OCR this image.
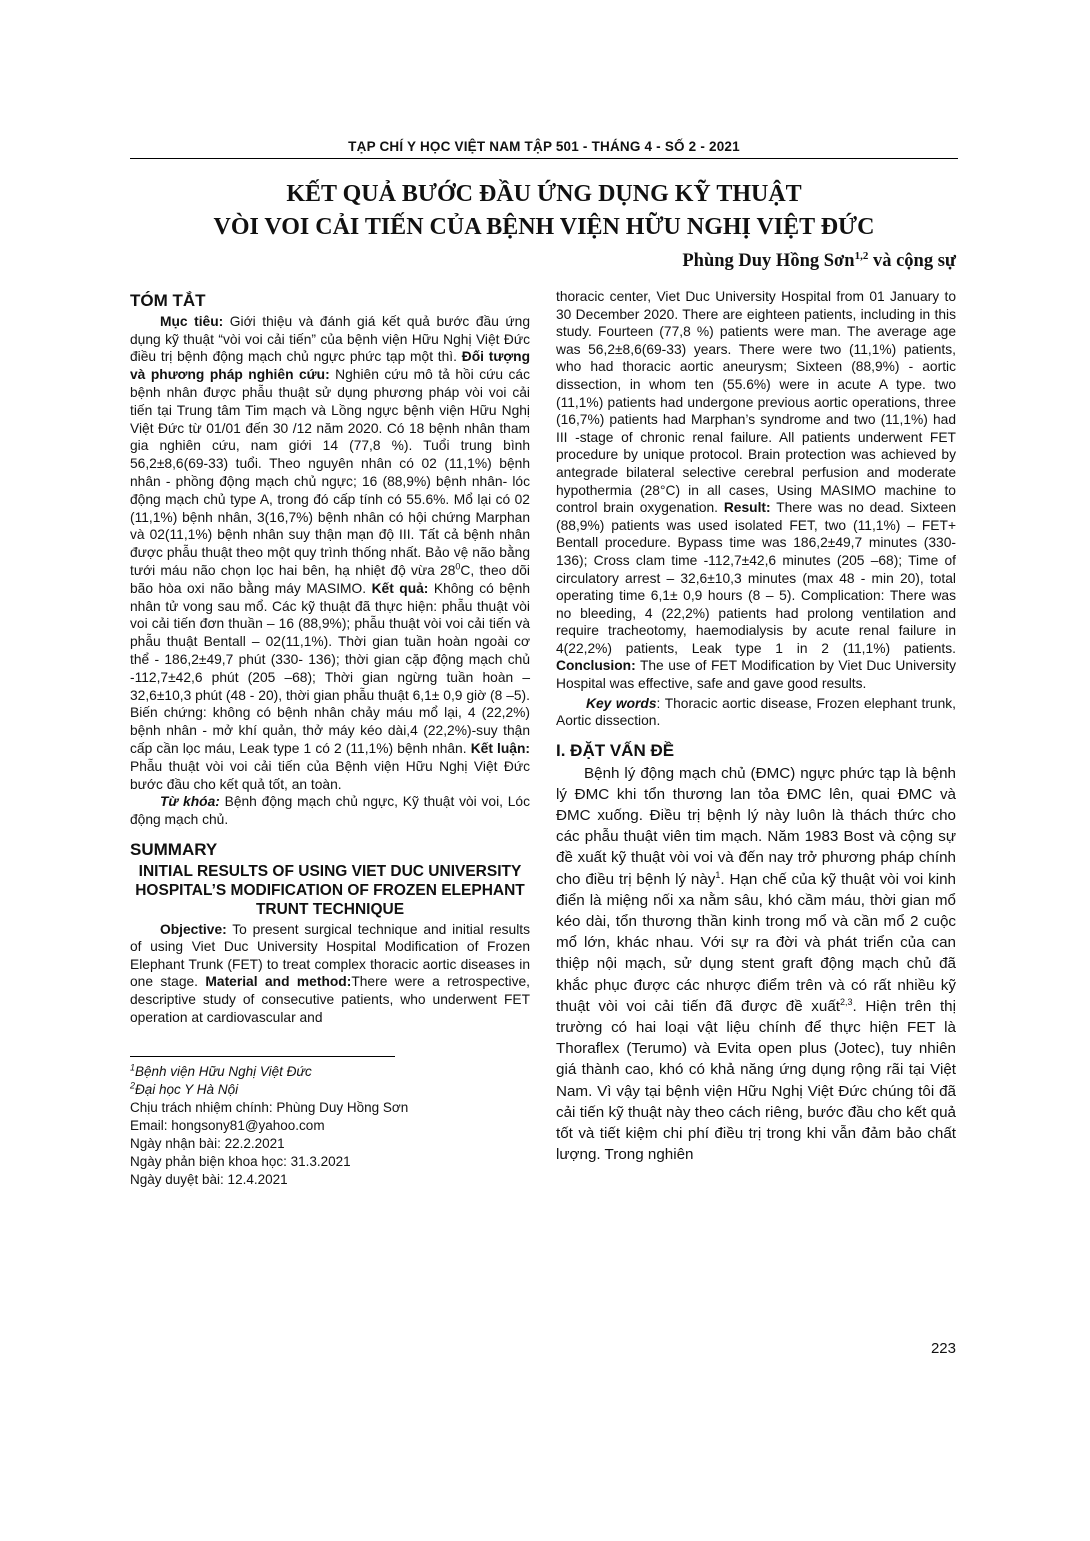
TẠP CHÍ Y HỌC VIỆT NAM TẬP 501 - THÁNG 4 - SỐ 2 - 2021
KẾT QUẢ BƯỚC ĐẦU ỨNG DỤNG KỸ THUẬT
VÒI VOI CẢI TIẾN CỦA BỆNH VIỆN HỮU NGHỊ VIỆT ĐỨC
Phùng Duy Hồng Sơn$^{1,2}$ và cộng sự
TÓM TẮT

Mục tiêu: Giới thiệu và đánh giá kết quả bước đầu ứng dụng kỹ thuật “vòi voi cải tiến” của bệnh viện Hữu Nghị Việt Đức điều trị bệnh động mạch chủ ngực phức tạp một thì. Đối tượng và phương pháp nghiên cứu: Nghiên cứu mô tả hồi cứu các bệnh nhân được phẫu thuật sử dụng phương pháp vòi voi cải tiến tại Trung tâm Tim mạch và Lồng ngực bệnh viện Hữu Nghị Việt Đức từ 01/01 đến 30 /12 năm 2020. Có 18 bệnh nhân tham gia nghiên cứu, nam giới 14 (77,8 %). Tuổi trung bình 56,2±8,6(69-33) tuổi. Theo nguyên nhân có 02 (11,1%) bệnh nhân - phồng động mạch chủ ngực; 16 (88,9%) bệnh nhân- lóc động mạch chủ type A, trong đó cấp tính có 55.6%. Mổ lại có 02 (11,1%) bệnh nhân, 3(16,7%) bệnh nhân có hội chứng Marphan và 02(11,1%) bệnh nhân suy thận mạn độ III. Tất cả bệnh nhân được phẫu thuật theo một quy trình thống nhất. Bảo vệ não bằng tưới máu não chọn lọc hai bên, hạ nhiệt độ vừa $28^0C$, theo dõi bão hòa oxi não bằng máy MASIMO. Kết quả: Không có bệnh nhân tử vong sau mổ. Các kỹ thuật đã thực hiện: phẫu thuật vòi voi cải tiến đơn thuần – 16 (88,9%); phẫu thuật vòi voi cải tiến và phẫu thuật Bentall – 02(11,1%). Thời gian tuần hoàn ngoài cơ thể - 186,2±49,7 phút (330- 136); thời gian cặp động mạch chủ -112,7±42,6 phút (205 –68); Thời gian ngừng tuần hoàn – 32,6±10,3 phút (48 - 20), thời gian phẫu thuật 6,1± 0,9 giờ (8 –5). Biến chứng: không có bệnh nhân chảy máu mổ lại, 4 (22,2%) bệnh nhân - mở khí quản, thở máy kéo dài,4 (22,2%)-suy thận cấp cần lọc máu, Leak type 1 có 2 (11,1%) bệnh nhân. Kết luận: Phẫu thuật vòi voi cải tiến của Bệnh viện Hữu Nghị Việt Đức bước đầu cho kết quả tốt, an toàn.

Từ khóa: Bệnh động mạch chủ ngực, Kỹ thuật vòi voi, Lóc động mạch chủ.

SUMMARY
INITIAL RESULTS OF USING VIET DUC UNIVERSITY HOSPITAL’S MODIFICATION OF FROZEN ELEPHANT TRUNT TECHNIQUE

Objective: To present surgical technique and initial results of using Viet Duc University Hospital Modification of Frozen Elephant Trunk (FET) to treat complex thoracic aortic diseases in one stage. Material and method:There were a retrospective, descriptive study of consecutive patients, who underwent FET operation at cardiovascular and

$^1$Bệnh viện Hữu Nghị Việt Đức

$^2$Đại học Y Hà Nội

Chịu trách nhiệm chính: Phùng Duy Hồng Sơn

Email: hongsony81@yahoo.com

Ngày nhận bài: 22.2.2021

Ngày phản biện khoa học: 31.3.2021

Ngày duyệt bài: 12.4.2021

thoracic center, Viet Duc University Hospital from 01 January to 30 December 2020. There are eighteen patients, including in this study. Fourteen (77,8 %) patients were man. The average age was 56,2±8,6(69-33) years. There were two (11,1%) patients, who had thoracic aortic aneurysm; Sixteen (88,9%) - aortic dissection, in whom ten (55.6%) were in acute A type. two (11,1%) patients had undergone previous aortic operations, three (16,7%) patients had Marphan’s syndrome and two (11,1%) had III -stage of chronic renal failure. All patients underwent FET procedure by unique protocol. Brain protection was achieved by antegrade bilateral selective cerebral perfusion and moderate hypothermia (28°C) in all cases, Using MASIMO machine to control brain oxygenation. Result: There was no dead. Sixteen (88,9%) patients was used isolated FET, two (11,1%) – FET+ Bentall procedure. Bypass time was 186,2±49,7 minutes (330-136); Cross clam time -112,7±42,6 minutes (205 –68); Time of circulatory arrest – 32,6±10,3 minutes (max 48 - min 20), total operating time 6,1± 0,9 hours (8 – 5). Complication: There was no bleeding, 4 (22,2%) patients had prolong ventilation and require tracheotomy, haemodialysis by acute renal failure in 4(22,2%) patients, Leak type 1 in 2 (11,1%) patients. Conclusion: The use of FET Modification by Viet Duc University Hospital was effective, safe and gave good results.

Key words: Thoracic aortic disease, Frozen elephant trunk, Aortic dissection.

I. ĐẶT VẤN ĐỀ

Bệnh lý động mạch chủ (ĐMC) ngực phức tạp là bệnh lý ĐMC khi tổn thương lan tỏa ĐMC lên, quai ĐMC và ĐMC xuống. Điều trị bệnh lý này luôn là thách thức cho các phẫu thuật viên tim mạch. Năm 1983 Bost và cộng sự đề xuất kỹ thuật vòi voi và đến nay trở phương pháp chính cho điều trị bệnh lý này$^1$. Hạn chế của kỹ thuật vòi voi kinh điển là miệng nối xa nằm sâu, khó cầm máu, thời gian mổ kéo dài, tổn thương thần kinh trong mổ và cần mổ 2 cuộc mổ lớn, khác nhau. Với sự ra đời và phát triển của can thiệp nội mạch, sử dụng stent graft động mạch chủ đã khắc phục được các nhược điểm trên và có rất nhiều kỹ thuật vòi voi cải tiến đã được đề xuất$^{2,3}$. Hiện trên thị trường có hai loại vật liệu chính để thực hiện FET là Thoraflex (Terumo) và Evita open plus (Jotec), tuy nhiên giá thành cao, khó có khả năng ứng dụng rộng rãi tại Việt Nam. Vì vậy tại bệnh viện Hữu Nghị Việt Đức chúng tôi đã cải tiến kỹ thuật này theo cách riêng, bước đầu cho kết quả tốt và tiết kiệm chi phí điều trị trong khi vẫn đảm bảo chất lượng. Trong nghiên

223
